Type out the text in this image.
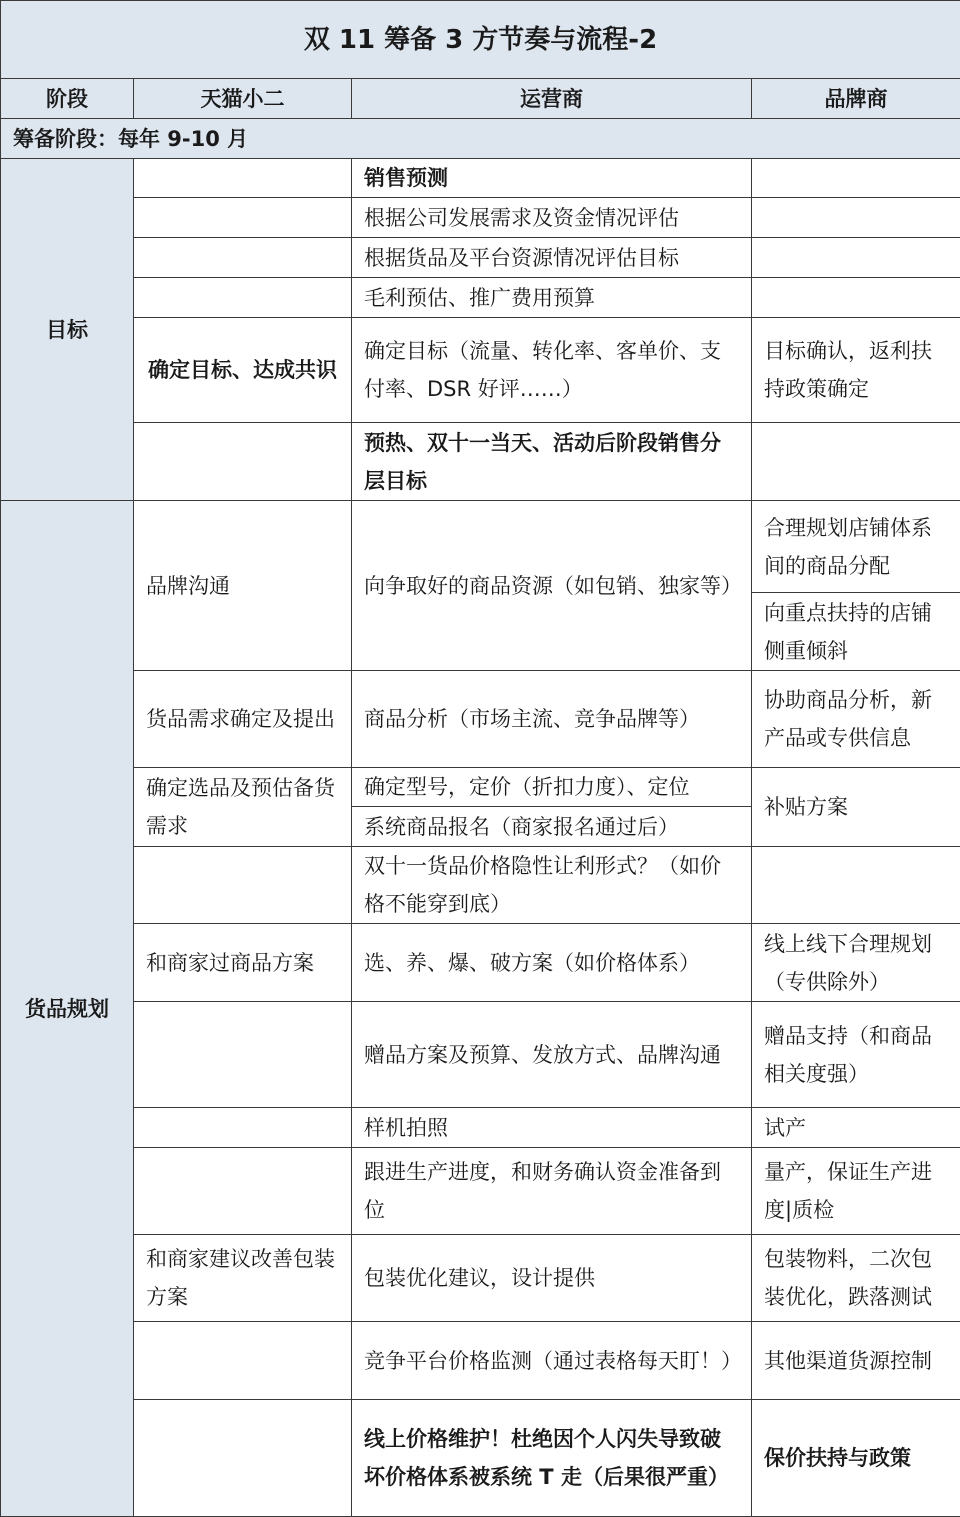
双 11 筹备 3 方节奏与流程-2			
阶段	天猫小二	运营商	品牌商
筹备阶段：每年 9-10 月			
目标		销售预测	
		根据公司发展需求及资金情况评估	
		根据货品及平台资源情况评估目标	
		毛利预估、推广费用预算	
	确定目标、达成共识	确定目标（流量、转化率、客单价、支付率、DSR 好评……）	目标确认，返利扶持政策确定
		预热、双十一当天、活动后阶段销售分层目标	
货品规划	品牌沟通	向争取好的商品资源（如包销、独家等）	合理规划店铺体系间的商品分配
			向重点扶持的店铺侧重倾斜
	货品需求确定及提出	商品分析（市场主流、竞争品牌等）	协助商品分析，新产品或专供信息
	确定选品及预估备货需求	确定型号，定价（折扣力度）、定位	补贴方案
		系统商品报名（商家报名通过后）	
		双十一货品价格隐性让利形式？（如价格不能穿到底）	
	和商家过商品方案	选、养、爆、破方案（如价格体系）	线上线下合理规划（专供除外）
		赠品方案及预算、发放方式、品牌沟通	赠品支持（和商品相关度强）
		样机拍照	试产
		跟进生产进度，和财务确认资金准备到位	量产，保证生产进度|质检
	和商家建议改善包装方案	包装优化建议，设计提供	包装物料，二次包装优化，跌落测试
		竞争平台价格监测（通过表格每天盯！）	其他渠道货源控制
		线上价格维护！杜绝因个人闪失导致破坏价格体系被系统 T 走（后果很严重）	保价扶持与政策
